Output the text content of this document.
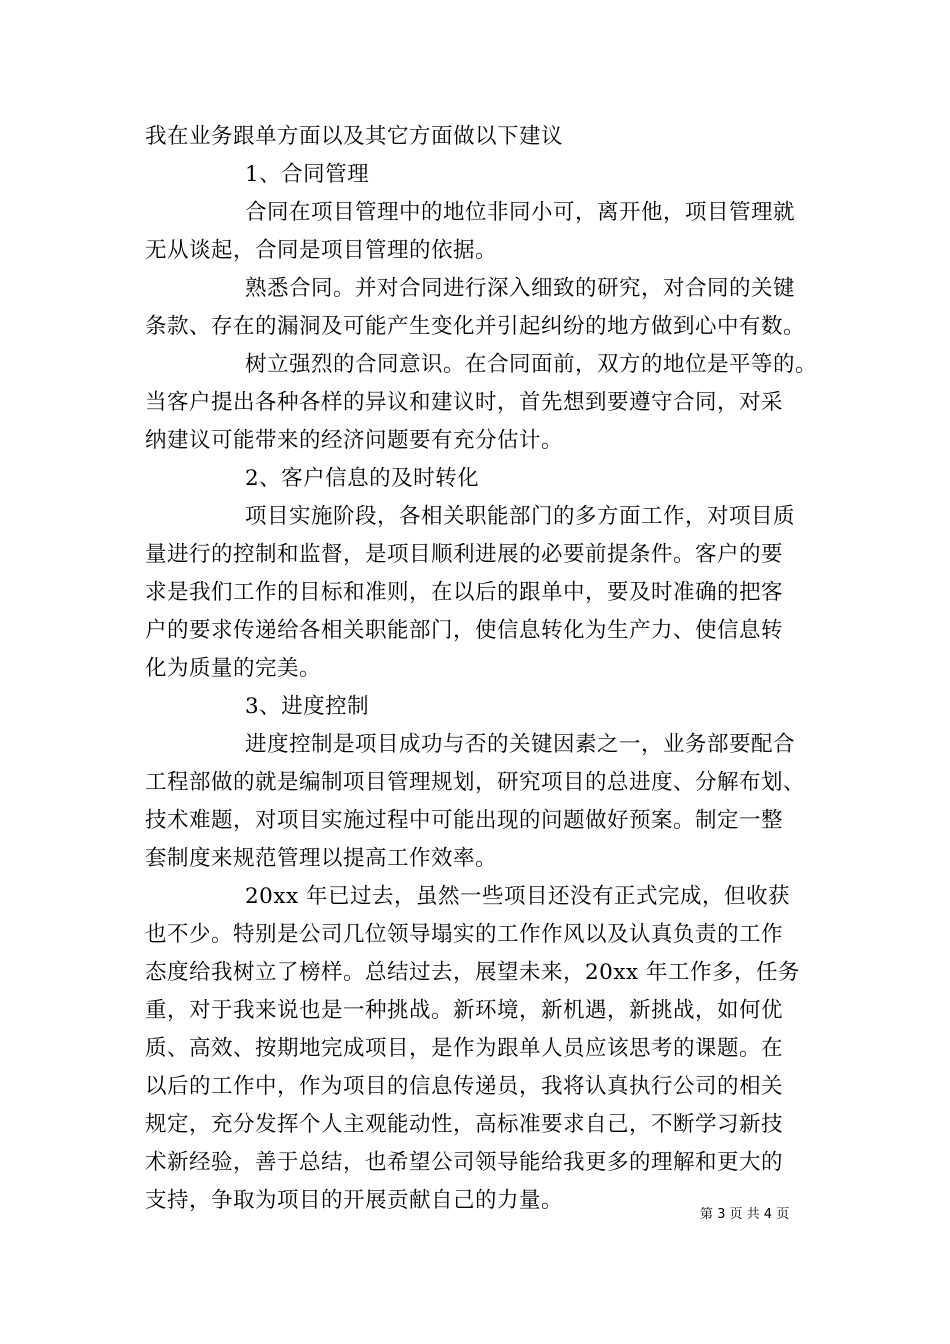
我在业务跟单方面以及其它方面做以下建议
1、合同管理
合同在项目管理中的地位非同小可，离开他，项目管理就
无从谈起，合同是项目管理的依据。
熟悉合同。并对合同进行深入细致的研究，对合同的关键
条款、存在的漏洞及可能产生变化并引起纠纷的地方做到心中有数。
树立强烈的合同意识。在合同面前，双方的地位是平等的。
当客户提出各种各样的异议和建议时，首先想到要遵守合同，对采
纳建议可能带来的经济问题要有充分估计。
2、客户信息的及时转化
项目实施阶段，各相关职能部门的多方面工作，对项目质
量进行的控制和监督，是项目顺利进展的必要前提条件。客户的要
求是我们工作的目标和准则，在以后的跟单中，要及时准确的把客
户的要求传递给各相关职能部门，使信息转化为生产力、使信息转
化为质量的完美。
3、进度控制
进度控制是项目成功与否的关键因素之一，业务部要配合
工程部做的就是编制项目管理规划，研究项目的总进度、分解布划、
技术难题，对项目实施过程中可能出现的问题做好预案。制定一整
套制度来规范管理以提高工作效率。
20xx 年已过去，虽然一些项目还没有正式完成，但收获
也不少。特别是公司几位领导塌实的工作作风以及认真负责的工作
态度给我树立了榜样。总结过去，展望未来，20xx 年工作多，任务
重，对于我来说也是一种挑战。新环境，新机遇，新挑战，如何优
质、高效、按期地完成项目，是作为跟单人员应该思考的课题。在
以后的工作中，作为项目的信息传递员，我将认真执行公司的相关
规定，充分发挥个人主观能动性，高标准要求自己，不断学习新技
术新经验，善于总结，也希望公司领导能给我更多的理解和更大的
支持，争取为项目的开展贡献自己的力量。
第 3 页 共 4 页
